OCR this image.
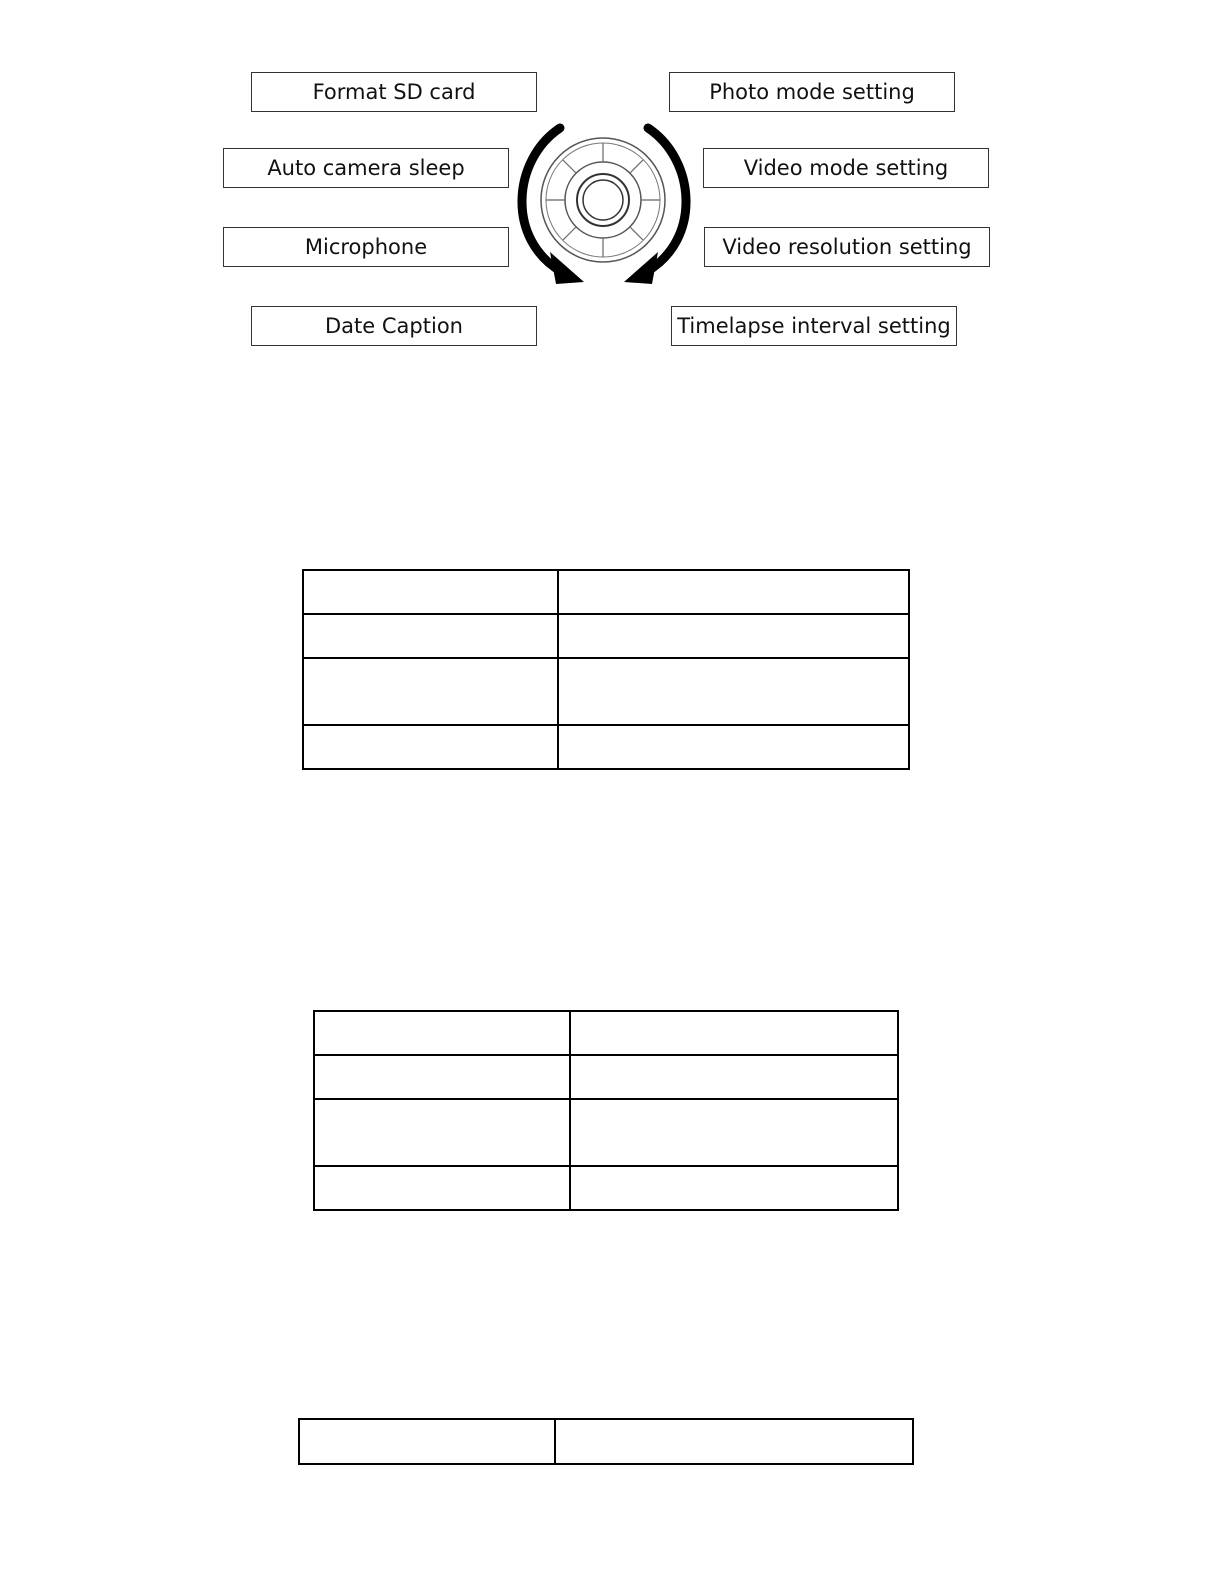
Format SD card
Auto camera sleep
Microphone
Date Caption
Photo mode setting
Video mode setting
Video resolution setting
Timelapse interval setting
